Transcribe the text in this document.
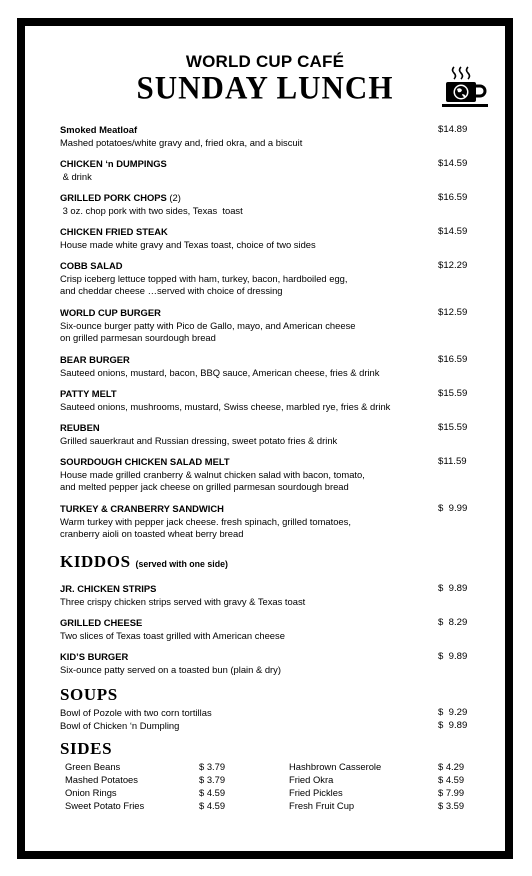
WORLD CUP CAFÉ
SUNDAY LUNCH
Smoked Meatloaf
Mashed potatoes/white gravy and, fried okra, and a biscuit
$14.89
CHICKEN ‘n DUMPINGS
& drink
$14.59
GRILLED PORK CHOPS (2)
3 oz. chop pork with two sides, Texas  toast
$16.59
CHICKEN FRIED STEAK
House made white gravy and Texas toast, choice of two sides
$14.59
COBB SALAD
Crisp iceberg lettuce topped with ham, turkey, bacon, hardboiled egg,
and cheddar cheese …served with choice of dressing
$12.29
WORLD CUP BURGER
Six-ounce burger patty with Pico de Gallo, mayo, and American cheese
on grilled parmesan sourdough bread
$12.59
BEAR BURGER
Sauteed onions, mustard, bacon, BBQ sauce, American cheese, fries & drink
$16.59
PATTY MELT
Sauteed onions, mushrooms, mustard, Swiss cheese, marbled rye, fries & drink
$15.59
REUBEN
Grilled sauerkraut and Russian dressing, sweet potato fries & drink
$15.59
SOURDOUGH CHICKEN SALAD MELT
House made grilled cranberry & walnut chicken salad with bacon, tomato,
and melted pepper jack cheese on grilled parmesan sourdough bread
$11.59
TURKEY & CRANBERRY SANDWICH
Warm turkey with pepper jack cheese. fresh spinach, grilled tomatoes,
cranberry aioli on toasted wheat berry bread
$  9.99
KIDDOS (served with one side)
JR. CHICKEN STRIPS
Three crispy chicken strips served with gravy & Texas toast
$  9.89
GRILLED CHEESE
Two slices of Texas toast grilled with American cheese
$  8.29
KID’S BURGER
Six-ounce patty served on a toasted bun (plain & dry)
$  9.89
SOUPS
Bowl of Pozole with two corn tortillas	$  9.29
Bowl of Chicken ‘n Dumpling	$  9.89
SIDES
Green Beans	$ 3.79
Mashed Potatoes	$ 3.79
Onion Rings	$ 4.59
Sweet Potato Fries	$ 4.59
Hashbrown Casserole	$ 4.29
Fried Okra	$ 4.59
Fried Pickles	$ 7.99
Fresh Fruit Cup	$ 3.59
